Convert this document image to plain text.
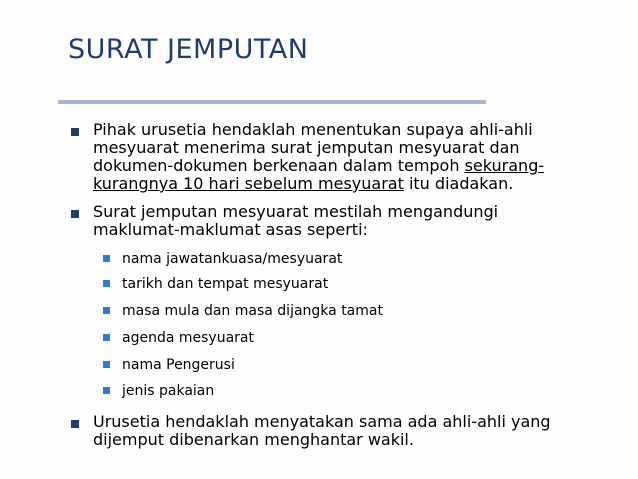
SURAT JEMPUTAN
Pihak urusetia hendaklah menentukan supaya ahli-ahli
mesyuarat menerima surat jemputan mesyuarat dan
dokumen-dokumen berkenaan dalam tempoh sekurang-
kurangnya 10 hari sebelum mesyuarat itu diadakan.
Surat jemputan mesyuarat mestilah mengandungi
maklumat-maklumat asas seperti:
nama jawatankuasa/mesyuarat
tarikh dan tempat mesyuarat
masa mula dan masa dijangka tamat
agenda mesyuarat
nama Pengerusi
jenis pakaian
Urusetia hendaklah menyatakan sama ada ahli-ahli yang
dijemput dibenarkan menghantar wakil.
